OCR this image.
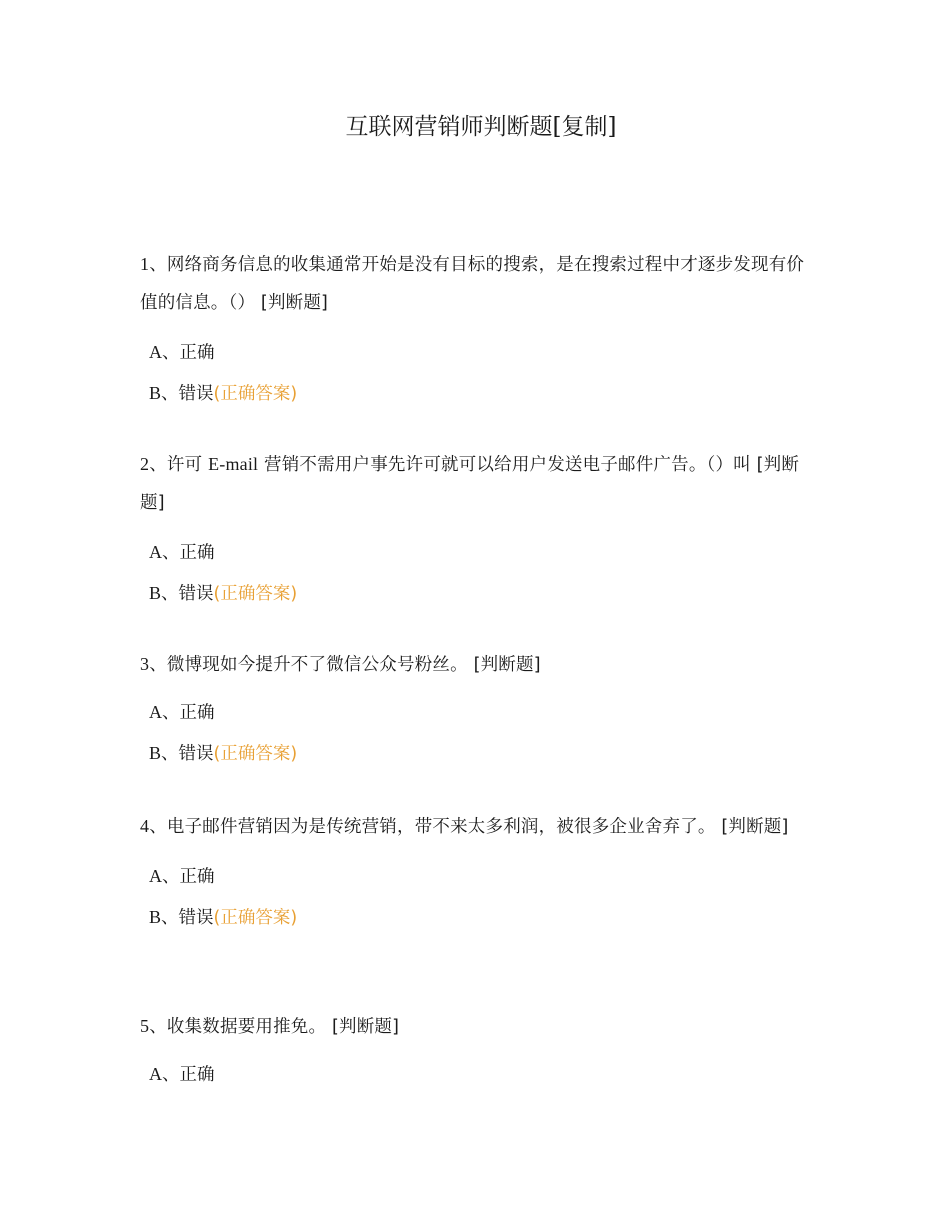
互联网营销师判断题[复制]

1、网络商务信息的收集通常开始是没有目标的搜索，是在搜索过程中才逐步发现有价值的信息。（） [判断题]

A、正确

B、错误(正确答案)

2、许可 E-mail 营销不需用户事先许可就可以给用户发送电子邮件广告。（）叫 [判断题]

A、正确

B、错误(正确答案)

3、微博现如今提升不了微信公众号粉丝。 [判断题]

A、正确

B、错误(正确答案)

4、电子邮件营销因为是传统营销，带不来太多利润，被很多企业舍弃了。 [判断题]

A、正确

B、错误(正确答案)

5、收集数据要用推免。 [判断题]

A、正确
